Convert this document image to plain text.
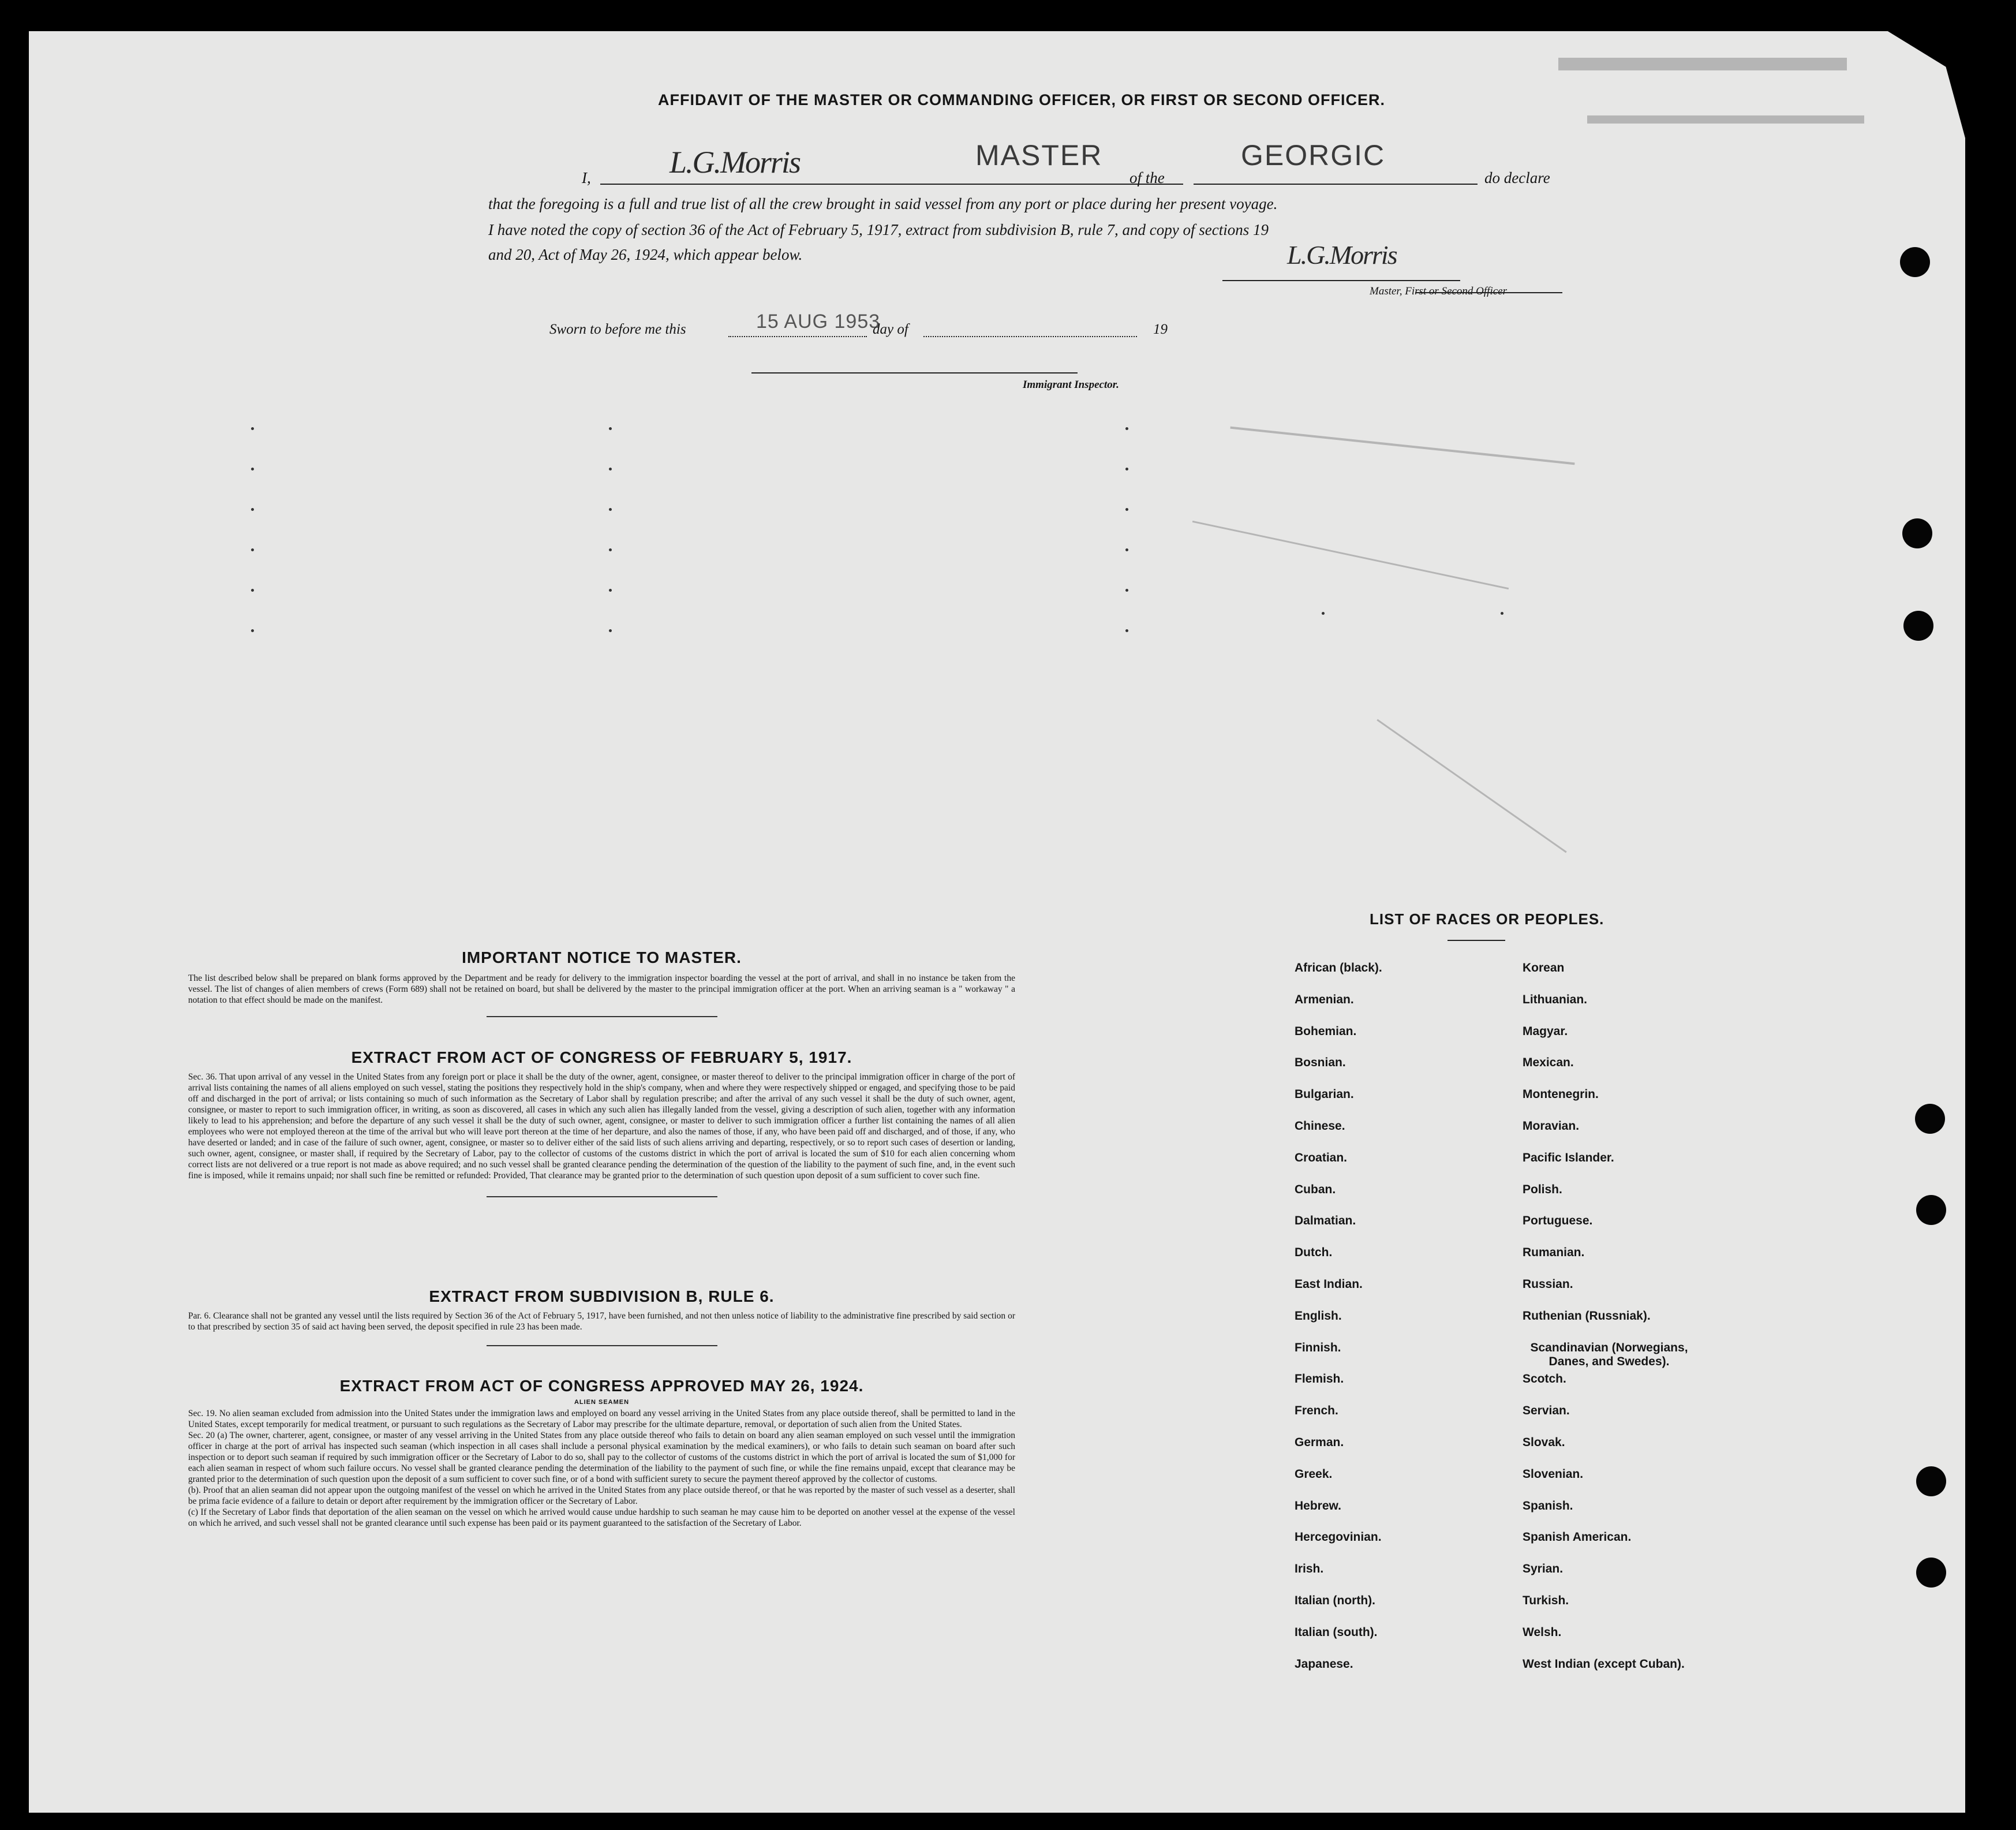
AFFIDAVIT OF THE MASTER OR COMMANDING OFFICER, OR FIRST OR SECOND OFFICER.
I,	L.G.Morris	MASTER
of the
GEORGIC
do declare
that the foregoing is a full and true list of all the crew brought in said vessel from any port or place during her present voyage.
I have noted the copy of section 36 of the Act of February 5, 1917, extract from subdivision B, rule 7, and copy of sections 19
and 20, Act of May 26, 1924, which appear below.	L.G.Morris
Master, First or Second Officer
Sworn to before me this	15 AUG 1953
day of	19
Immigrant Inspector.

IMPORTANT NOTICE TO MASTER.

The list described below shall be prepared on blank forms approved by the Department and be ready for delivery to the immigration inspector boarding the vessel at the port of arrival, and shall in no instance be taken from the vessel. The list of changes of alien members of crews (Form 689) shall not be retained on board, but shall be delivered by the master to the principal immigration officer at the port. When an arriving seaman is a " workaway " a notation to that effect should be made on the manifest.

EXTRACT FROM ACT OF CONGRESS OF FEBRUARY 5, 1917.

Sec. 36. That upon arrival of any vessel in the United States from any foreign port or place it shall be the duty of the owner, agent, consignee, or master thereof to deliver to the principal immigration officer in charge of the port of arrival lists containing the names of all aliens employed on such vessel, stating the positions they respectively hold in the ship's company, when and where they were respectively shipped or engaged, and specifying those to be paid off and discharged in the port of arrival; or lists containing so much of such information as the Secretary of Labor shall by regulation prescribe; and after the arrival of any such vessel it shall be the duty of such owner, agent, consignee, or master to report to such immigration officer, in writing, as soon as discovered, all cases in which any such alien has illegally landed from the vessel, giving a description of such alien, together with any information likely to lead to his apprehension; and before the departure of any such vessel it shall be the duty of such owner, agent, consignee, or master to deliver to such immigration officer a further list containing the names of all alien employees who were not employed thereon at the time of the arrival but who will leave port thereon at the time of her departure, and also the names of those, if any, who have been paid off and discharged, and of those, if any, who have deserted or landed; and in case of the failure of such owner, agent, consignee, or master so to deliver either of the said lists of such aliens arriving and departing, respectively, or so to report such cases of desertion or landing, such owner, agent, consignee, or master shall, if required by the Secretary of Labor, pay to the collector of customs of the customs district in which the port of arrival is located the sum of $10 for each alien concerning whom correct lists are not delivered or a true report is not made as above required; and no such vessel shall be granted clearance pending the determination of the question of the liability to the payment of such fine, and, in the event such fine is imposed, while it remains unpaid; nor shall such fine be remitted or refunded: Provided, That clearance may be granted prior to the determination of such question upon deposit of a sum sufficient to cover such fine.

EXTRACT FROM SUBDIVISION B, RULE 6.

Par. 6. Clearance shall not be granted any vessel until the lists required by Section 36 of the Act of February 5, 1917, have been furnished, and not then unless notice of liability to the administrative fine prescribed by said section or to that prescribed by section 35 of said act having been served, the deposit specified in rule 23 has been made.

EXTRACT FROM ACT OF CONGRESS APPROVED MAY 26, 1924.

ALIEN SEAMEN

Sec. 19. No alien seaman excluded from admission into the United States under the immigration laws and employed on board any vessel arriving in the United States from any place outside thereof, shall be permitted to land in the United States, except temporarily for medical treatment, or pursuant to such regulations as the Secretary of Labor may prescribe for the ultimate departure, removal, or deportation of such alien from the United States.

Sec. 20 (a) The owner, charterer, agent, consignee, or master of any vessel arriving in the United States from any place outside thereof who fails to detain on board any alien seaman employed on such vessel until the immigration officer in charge at the port of arrival has inspected such seaman (which inspection in all cases shall include a personal physical examination by the medical examiners), or who fails to detain such seaman on board after such inspection or to deport such seaman if required by such immigration officer or the Secretary of Labor to do so, shall pay to the collector of customs of the customs district in which the port of arrival is located the sum of $1,000 for each alien seaman in respect of whom such failure occurs. No vessel shall be granted clearance pending the determination of the liability to the payment of such fine, or while the fine remains unpaid, except that clearance may be granted prior to the determination of such question upon the deposit of a sum sufficient to cover such fine, or of a bond with sufficient surety to secure the payment thereof approved by the collector of customs.

(b). Proof that an alien seaman did not appear upon the outgoing manifest of the vessel on which he arrived in the United States from any place outside thereof, or that he was reported by the master of such vessel as a deserter, shall be prima facie evidence of a failure to detain or deport after requirement by the immigration officer or the Secretary of Labor.

(c) If the Secretary of Labor finds that deportation of the alien seaman on the vessel on which he arrived would cause undue hardship to such seaman he may cause him to be deported on another vessel at the expense of the vessel on which he arrived, and such vessel shall not be granted clearance until such expense has been paid or its payment guaranteed to the satisfaction of the Secretary of Labor.

LIST OF RACES OR PEOPLES.
African (black).
Armenian.
Bohemian.
Bosnian.
Bulgarian.
Chinese.
Croatian.
Cuban.
Dalmatian.
Dutch.
East Indian.
English.
Finnish.
Flemish.
French.
German.
Greek.
Hebrew.
Hercegovinian.
Irish.
Italian (north).
Italian (south).
Japanese.
Korean
Lithuanian.
Magyar.
Mexican.
Montenegrin.
Moravian.
Pacific Islander.
Polish.
Portuguese.
Rumanian.
Russian.
Ruthenian (Russniak).
Scandinavian (Norwegians, Danes, and Swedes).
Scotch.
Servian.
Slovak.
Slovenian.
Spanish.
Spanish American.
Syrian.
Turkish.
Welsh.
West Indian (except Cuban).
